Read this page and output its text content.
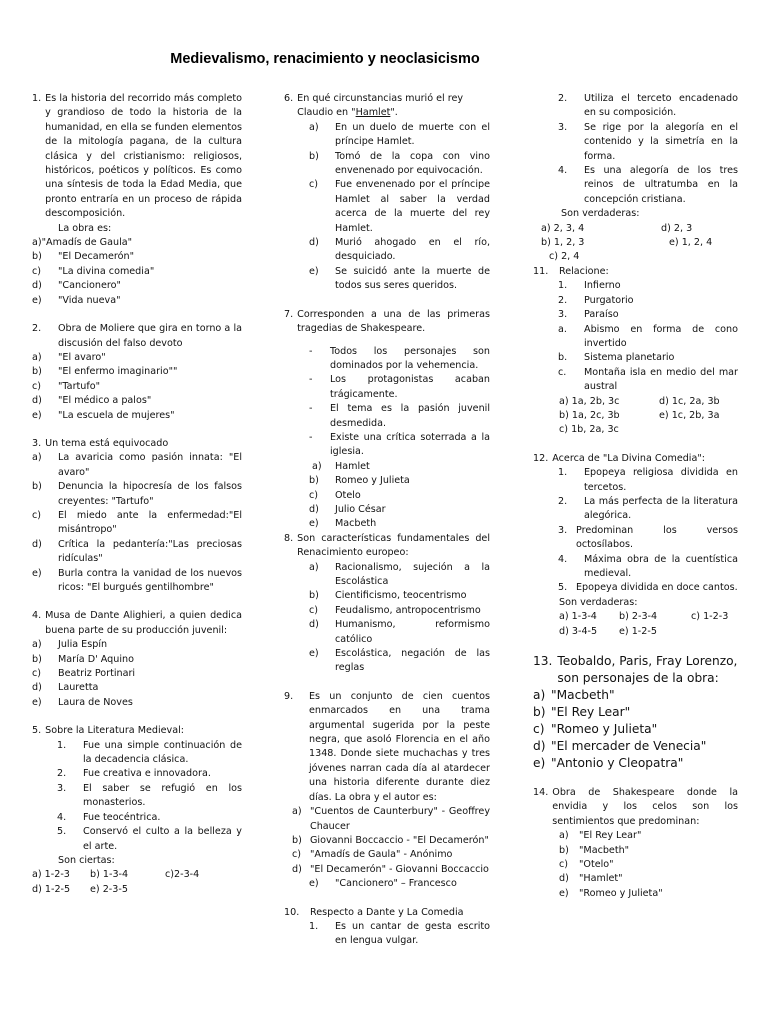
Medievalismo, renacimiento y neoclasicismo
1. Es la historia del recorrido más completo y grandioso de todo la historia de la humanidad, en ella se funden elementos de la mitología pagana, de la cultura clásica y del cristianismo: religiosos, históricos, poéticos y políticos. Es como una síntesis de toda la Edad Media, que pronto entraría en un proceso de rápida descomposición.
La obra es:
a) "Amadís de Gaula"
b)	"El Decamerón"
c)	"La divina comedia"
d)	"Cancionero"
e)	"Vida nueva"
2.	Obra de Moliere que gira en torno a la discusión del falso devoto
a)	"El avaro"
b)	"El enfermo imaginario""
c)	"Tartufo"
d)	"El médico a palos"
e)	"La escuela de mujeres"
3. Un tema está equivocado
a)	La avaricia como pasión innata: "El avaro"
b)	Denuncia la hipocresía de los falsos creyentes: "Tartufo"
c)	El miedo ante la enfermedad:"El misántropo"
d)	Crítica la pedantería:"Las preciosas ridículas"
e)	Burla contra la vanidad de los nuevos ricos: "El burgués gentilhombre"
4. Musa de Dante Alighieri, a quien dedica buena parte de su producción juvenil:
a)	Julia Espín
b)	María D' Aquino
c)	Beatriz Portinari
d)	Lauretta
e)	Laura de Noves
5. Sobre la Literatura Medieval:
1.	Fue una simple continuación de la decadencia clásica.
2.	Fue creativa e innovadora.
3.	El saber se refugió en los monasterios.
4.	Fue teocéntrica.
5.	Conservó el culto a la belleza y el arte.
Son ciertas:
a) 1-2-3	b) 1-3-4	c)2-3-4
d) 1-2-5	e) 2-3-5
6. En qué circunstancias murió el rey Claudio en "Hamlet".
a)	En un duelo de muerte con el príncipe Hamlet.
b)	Tomó de la copa con vino envenenado por equivocación.
c)	Fue envenenado por el príncipe Hamlet al saber la verdad acerca de la muerte del rey Hamlet.
d)	Murió ahogado en el río, desquiciado.
e)	Se suicidó ante la muerte de todos sus seres queridos.
7. Corresponden a una de las primeras tragedias de Shakespeare.
-	Todos los personajes son dominados por la vehemencia.
-	Los protagonistas acaban trágicamente.
-	El tema es la pasión juvenil desmedida.
-	Existe una crítica soterrada a la iglesia.
a)	Hamlet
b)	Romeo y Julieta
c)	Otelo
d)	Julio César
e)	Macbeth
8. Son características fundamentales del Renacimiento europeo:
a)	Racionalismo, sujeción a la Escolástica
b)	Cientificismo, teocentrismo
c)	Feudalismo, antropocentrismo
d)	Humanismo, reformismo católico
e)	Escolástica, negación de las reglas
9.	Es un conjunto de cien cuentos enmarcados en una trama argumental sugerida por la peste negra, que asoló Florencia en el año 1348. Donde siete muchachas y tres jóvenes narran cada día al atardecer una historia diferente durante diez días. La obra y el autor es:
a) "Cuentos de Caunterbury" - Geoffrey Chaucer
b) Giovanni Boccaccio - "El Decamerón"
c) "Amadís de Gaula" - Anónimo
d) "El Decamerón" - Giovanni Boccaccio
e)	"Cancionero" – Francesco
10.	Respecto a Dante y La Comedia
1.	Es un cantar de gesta escrito en lengua vulgar.
2.	Utiliza el terceto encadenado en su composición.
3.	Se rige por la alegoría en el contenido y la simetría en la forma.
4.	Es una alegoría de los tres reinos de ultratumba en la concepción cristiana.
Son verdaderas:
a) 2, 3, 4	d) 2, 3
b) 1, 2, 3	e) 1, 2, 4
c) 2, 4
11.	Relacione:
1.	Infierno
2.	Purgatorio
3.	Paraíso
a.	Abismo en forma de cono invertido
b.	Sistema planetario
c.	Montaña isla en medio del mar austral
a) 1a, 2b, 3c	d) 1c, 2a, 3b
b) 1a, 2c, 3b	e) 1c, 2b, 3a
c) 1b, 2a, 3c
12. Acerca de "La Divina Comedia":
1.	Epopeya religiosa dividida en tercetos.
2.	La más perfecta de la literatura alegórica.
3. Predominan los versos octosílabos.
4.	Máxima obra de la cuentística medieval.
5. Epopeya dividida en doce cantos.
Son verdaderas:
a) 1-3-4	b) 2-3-4	c) 1-2-3
d) 3-4-5	e) 1-2-5
13. Teobaldo, Paris, Fray Lorenzo, son personajes de la obra:
a) "Macbeth"
b) "El Rey Lear"
c) "Romeo y Julieta"
d) "El mercader de Venecia"
e) "Antonio y Cleopatra"
14. Obra de Shakespeare donde la envidia y los celos son los sentimientos que predominan:
a)	"El Rey Lear"
b)	"Macbeth"
c)	"Otelo"
d)	"Hamlet"
e)	"Romeo y Julieta"
